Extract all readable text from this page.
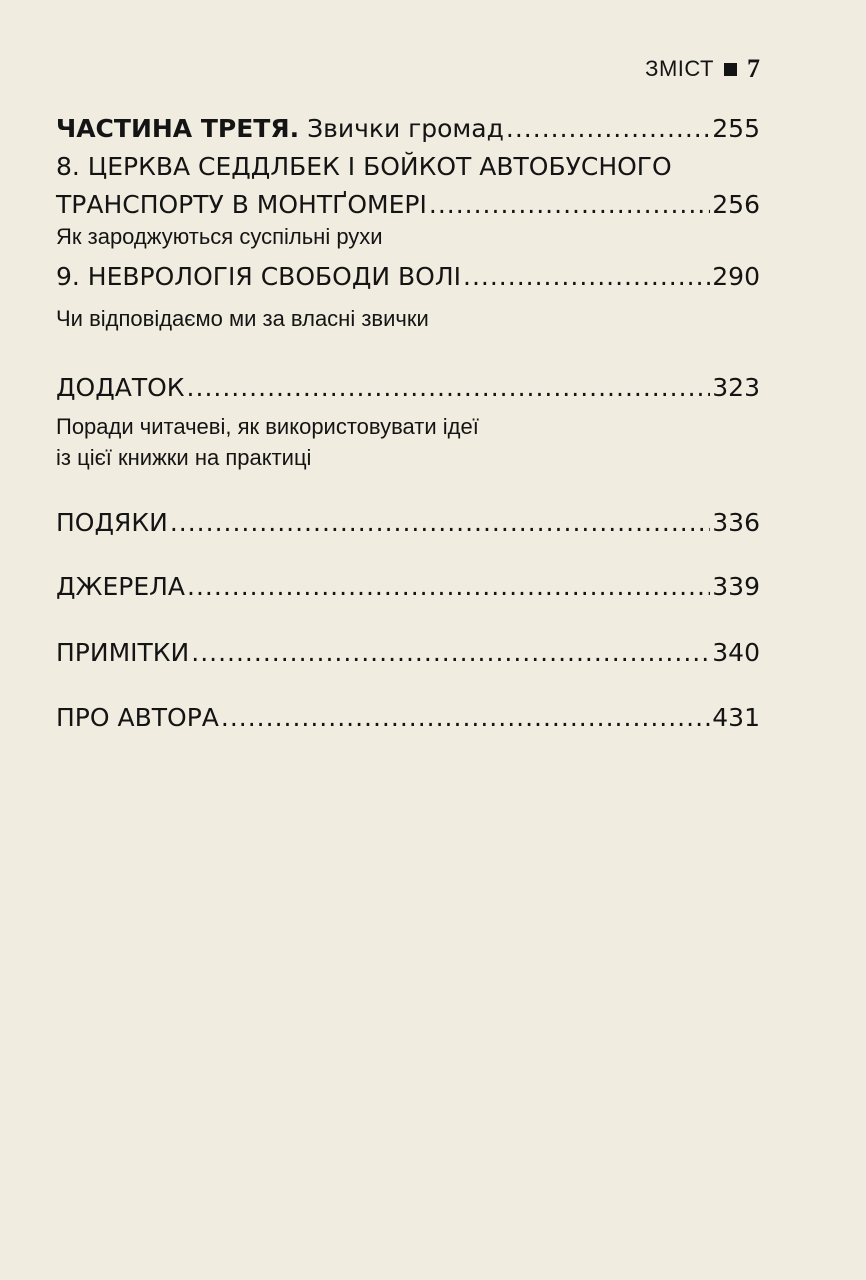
ЗМІСТ 7
ЧАСТИНА ТРЕТЯ.
Звички громад .....	255
8. ЦЕРКВА СЕДДЛБЕК І БОЙКОТ АВТОБУСНОГО
ТРАНСПОРТУ В МОНТҐОМЕРІ .....	256
Як зароджуються суспільні рухи
9. НЕВРОЛОГІЯ СВОБОДИ ВОЛІ .....	290
Чи відповідаємо ми за власні звички
ДОДАТОК .....	323
Поради читачеві, як використовувати ідеї
із цієї книжки на практиці
ПОДЯКИ .....	336
ДЖЕРЕЛА .....	339
ПРИМІТКИ .....	340
ПРО АВТОРА .....	431
